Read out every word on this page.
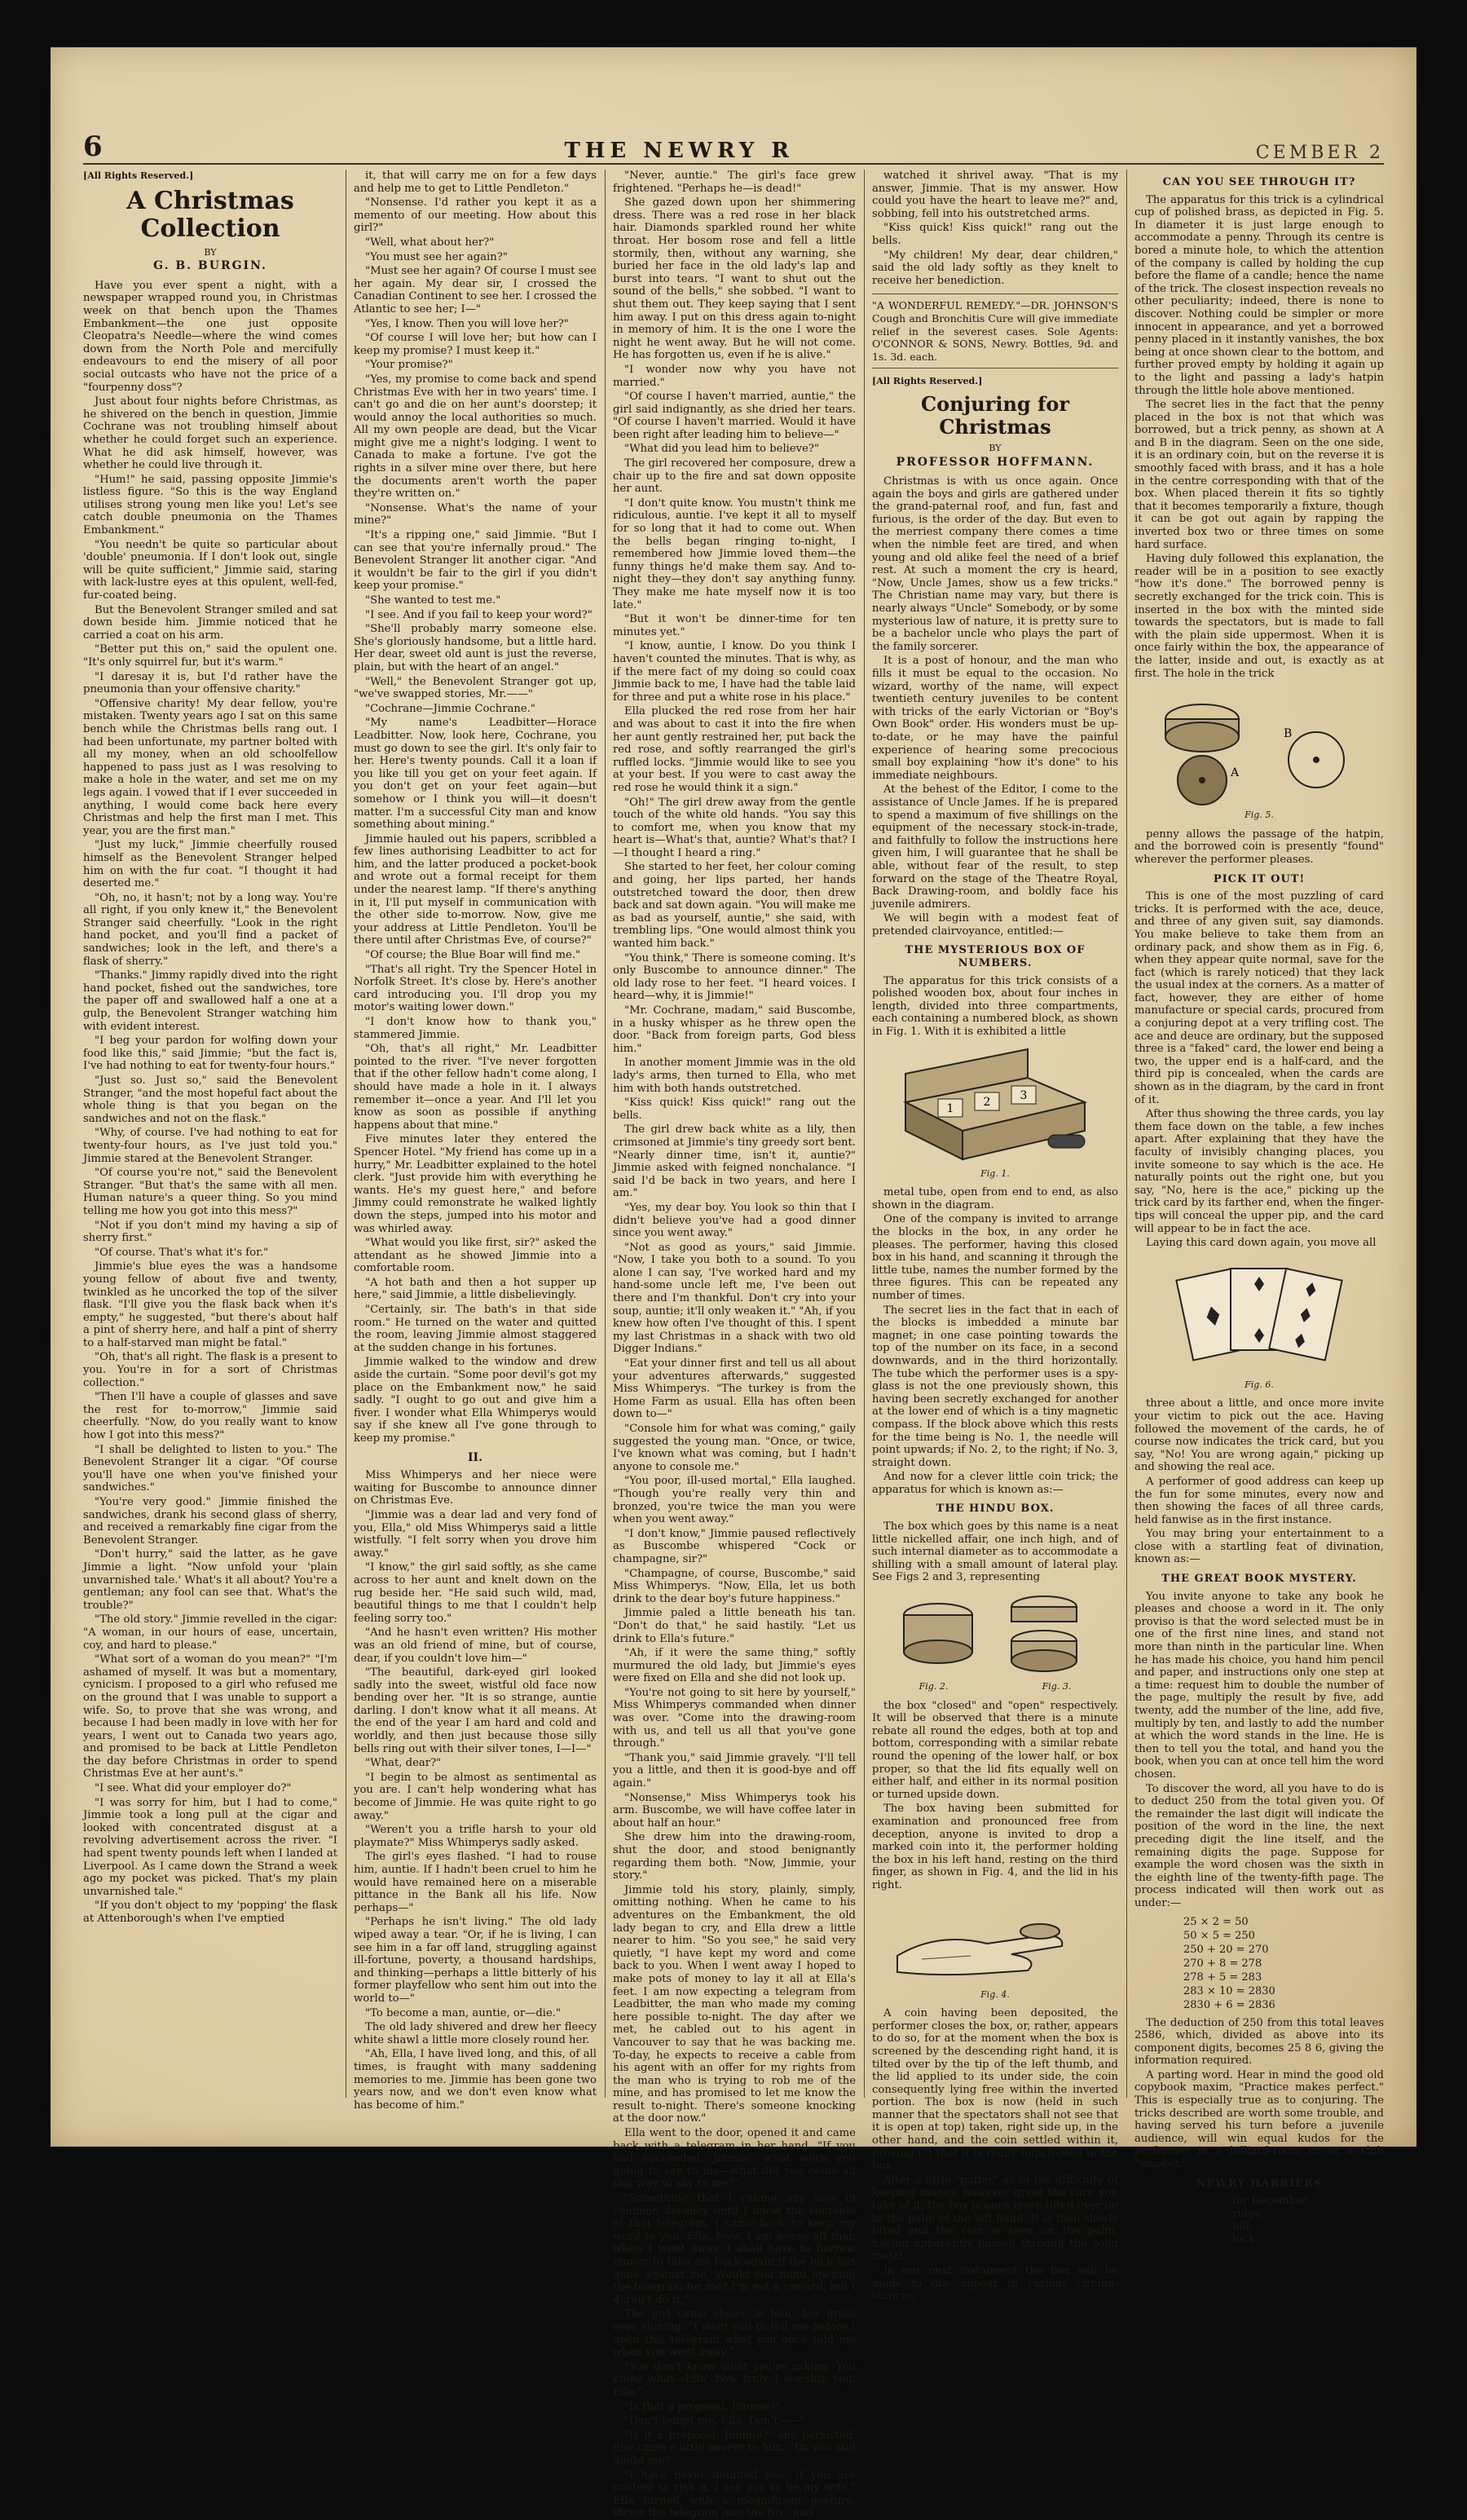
6	THE NEWRY R	CEMBER 2
[All Rights Reserved.]
A Christmas Collection
BY
G. B. BURGIN.

Have you ever spent a night, with a newspaper wrapped round you, in Christmas week on that bench upon the Thames Embankment—the one just opposite Cleopatra's Needle—where the wind comes down from the North Pole and mercifully endeavours to end the misery of all poor social outcasts who have not the price of a "fourpenny doss"?

Just about four nights before Christmas, as he shivered on the bench in question, Jimmie Cochrane was not troubling himself about whether he could forget such an experience. What he did ask himself, however, was whether he could live through it.

"Hum!" he said, passing opposite Jimmie's listless figure. "So this is the way England utilises strong young men like you! Let's see catch double pneumonia on the Thames Embankment."

"You needn't be quite so particular about 'double' pneumonia. If I don't look out, single will be quite sufficient," Jimmie said, staring with lack-lustre eyes at this opulent, well-fed, fur-coated being.

But the Benevolent Stranger smiled and sat down beside him. Jimmie noticed that he carried a coat on his arm.

"Better put this on," said the opulent one. "It's only squirrel fur, but it's warm."

"I daresay it is, but I'd rather have the pneumonia than your offensive charity."

"Offensive charity! My dear fellow, you're mistaken. Twenty years ago I sat on this same bench while the Christmas bells rang out. I had been unfortunate, my partner bolted with all my money, when an old schoolfellow happened to pass just as I was resolving to make a hole in the water, and set me on my legs again. I vowed that if I ever succeeded in anything, I would come back here every Christmas and help the first man I met. This year, you are the first man."

"Just my luck," Jimmie cheerfully roused himself as the Benevolent Stranger helped him on with the fur coat. "I thought it had deserted me."

"Oh, no, it hasn't; not by a long way. You're all right, if you only knew it," the Benevolent Stranger said cheerfully. "Look in the right hand pocket, and you'll find a packet of sandwiches; look in the left, and there's a flask of sherry."

"Thanks." Jimmy rapidly dived into the right hand pocket, fished out the sandwiches, tore the paper off and swallowed half a one at a gulp, the Benevolent Stranger watching him with evident interest.

"I beg your pardon for wolfing down your food like this," said Jimmie; "but the fact is, I've had nothing to eat for twenty-four hours."

"Just so. Just so," said the Benevolent Stranger, "and the most hopeful fact about the whole thing is that you began on the sandwiches and not on the flask."

"Why, of course. I've had nothing to eat for twenty-four hours, as I've just told you." Jimmie stared at the Benevolent Stranger.

"Of course you're not," said the Benevolent Stranger. "But that's the same with all men. Human nature's a queer thing. So you mind telling me how you got into this mess?"

"Not if you don't mind my having a sip of sherry first."

"Of course. That's what it's for."

Jimmie's blue eyes the was a handsome young fellow of about five and twenty, twinkled as he uncorked the top of the silver flask. "I'll give you the flask back when it's empty," he suggested, "but there's about half a pint of sherry here, and half a pint of sherry to a half-starved man might be fatal."

"Oh, that's all right. The flask is a present to you. You're in for a sort of Christmas collection."

"Then I'll have a couple of glasses and save the rest for to-morrow," Jimmie said cheerfully. "Now, do you really want to know how I got into this mess?"

"I shall be delighted to listen to you." The Benevolent Stranger lit a cigar. "Of course you'll have one when you've finished your sandwiches."

"You're very good." Jimmie finished the sandwiches, drank his second glass of sherry, and received a remarkably fine cigar from the Benevolent Stranger.

"Don't hurry," said the latter, as he gave Jimmie a light. "Now unfold your 'plain unvarnished tale.' What's it all about? You're a gentleman; any fool can see that. What's the trouble?"

"The old story." Jimmie revelled in the cigar: "A woman, in our hours of ease, uncertain, coy, and hard to please."

"What sort of a woman do you mean?" "I'm ashamed of myself. It was but a momentary, cynicism. I proposed to a girl who refused me on the ground that I was unable to support a wife. So, to prove that she was wrong, and because I had been madly in love with her for years, I went out to Canada two years ago, and promised to be back at Little Pendleton the day before Christmas in order to spend Christmas Eve at her aunt's."

"I see. What did your employer do?"

"I was sorry for him, but I had to come," Jimmie took a long pull at the cigar and looked with concentrated disgust at a revolving advertisement across the river. "I had spent twenty pounds left when I landed at Liverpool. As I came down the Strand a week ago my pocket was picked. That's my plain unvarnished tale."

"If you don't object to my 'popping' the flask at Attenborough's when I've emptied

it, that will carry me on for a few days and help me to get to Little Pendleton."

"Nonsense. I'd rather you kept it as a memento of our meeting. How about this girl?"

"Well, what about her?"

"You must see her again?"

"Must see her again? Of course I must see her again. My dear sir, I crossed the Canadian Continent to see her. I crossed the Atlantic to see her; I—"

"Yes, I know. Then you will love her?"

"Of course I will love her; but how can I keep my promise? I must keep it."

"Your promise?"

"Yes, my promise to come back and spend Christmas Eve with her in two years' time. I can't go and die on her aunt's doorstep; it would annoy the local authorities so much. All my own people are dead, but the Vicar might give me a night's lodging. I went to Canada to make a fortune. I've got the rights in a silver mine over there, but here the documents aren't worth the paper they're written on."

"Nonsense. What's the name of your mine?"

"It's a ripping one," said Jimmie. "But I can see that you're infernally proud." The Benevolent Stranger lit another cigar. "And it wouldn't be fair to the girl if you didn't keep your promise."

"She wanted to test me."

"I see. And if you fail to keep your word?"

"She'll probably marry someone else. She's gloriously handsome, but a little hard. Her dear, sweet old aunt is just the reverse, plain, but with the heart of an angel."

"Well," the Benevolent Stranger got up, "we've swapped stories, Mr.——"

"Cochrane—Jimmie Cochrane."

"My name's Leadbitter—Horace Leadbitter. Now, look here, Cochrane, you must go down to see the girl. It's only fair to her. Here's twenty pounds. Call it a loan if you like till you get on your feet again. If you don't get on your feet again—but somehow or I think you will—it doesn't matter. I'm a successful City man and know something about mining."

Jimmie hauled out his papers, scribbled a few lines authorising Leadbitter to act for him, and the latter produced a pocket-book and wrote out a formal receipt for them under the nearest lamp. "If there's anything in it, I'll put myself in communication with the other side to-morrow. Now, give me your address at Little Pendleton. You'll be there until after Christmas Eve, of course?"

"Of course; the Blue Boar will find me."

"That's all right. Try the Spencer Hotel in Norfolk Street. It's close by. Here's another card introducing you. I'll drop you my motor's waiting lower down."

"I don't know how to thank you," stammered Jimmie.

"Oh, that's all right," Mr. Leadbitter pointed to the river. "I've never forgotten that if the other fellow hadn't come along, I should have made a hole in it. I always remember it—once a year. And I'll let you know as soon as possible if anything happens about that mine."

Five minutes later they entered the Spencer Hotel. "My friend has come up in a hurry," Mr. Leadbitter explained to the hotel clerk. "Just provide him with everything he wants. He's my guest here," and before Jimmy could remonstrate he walked lightly down the steps, jumped into his motor and was whirled away.

"What would you like first, sir?" asked the attendant as he showed Jimmie into a comfortable room.

"A hot bath and then a hot supper up here," said Jimmie, a little disbelievingly.

"Certainly, sir. The bath's in that side room." He turned on the water and quitted the room, leaving Jimmie almost staggered at the sudden change in his fortunes.

Jimmie walked to the window and drew aside the curtain. "Some poor devil's got my place on the Embankment now," he said sadly. "I ought to go out and give him a fiver. I wonder what Ella Whimperys would say if she knew all I've gone through to keep my promise."

II.

Miss Whimperys and her niece were waiting for Buscombe to announce dinner on Christmas Eve.

"Jimmie was a dear lad and very fond of you, Ella," old Miss Whimperys said a little wistfully. "I felt sorry when you drove him away."

"I know," the girl said softly, as she came across to her aunt and knelt down on the rug beside her. "He said such wild, mad, beautiful things to me that I couldn't help feeling sorry too."

"And he hasn't even written? His mother was an old friend of mine, but of course, dear, if you couldn't love him—"

"The beautiful, dark-eyed girl looked sadly into the sweet, wistful old face now bending over her. "It is so strange, auntie darling. I don't know what it all means. At the end of the year I am hard and cold and worldly, and then just because those silly bells ring out with their silver tones, I—I—"

"What, dear?"

"I begin to be almost as sentimental as you are. I can't help wondering what has become of Jimmie. He was quite right to go away."

"Weren't you a trifle harsh to your old playmate?" Miss Whimperys sadly asked.

The girl's eyes flashed. "I had to rouse him, auntie. If I hadn't been cruel to him he would have remained here on a miserable pittance in the Bank all his life. Now perhaps—"

"Perhaps he isn't living." The old lady wiped away a tear. "Or, if he is living, I can see him in a far off land, struggling against ill-fortune, poverty, a thousand hardships, and thinking—perhaps a little bitterly of his former playfellow who sent him out into the world to—"

"To become a man, auntie, or—die."

The old lady shivered and drew her fleecy white shawl a little more closely round her.

"Ah, Ella, I have lived long, and this, of all times, is fraught with many saddening memories to me. Jimmie has been gone two years now, and we don't even know what has become of him."

"Never, auntie." The girl's face grew frightened. "Perhaps he—is dead!"

She gazed down upon her shimmering dress. There was a red rose in her black hair. Diamonds sparkled round her white throat. Her bosom rose and fell a little stormily, then, without any warning, she buried her face in the old lady's lap and burst into tears. "I want to shut out the sound of the bells," she sobbed. "I want to shut them out. They keep saying that I sent him away. I put on this dress again to-night in memory of him. It is the one I wore the night he went away. But he will not come. He has forgotten us, even if he is alive."

"I wonder now why you have not married."

"Of course I haven't married, auntie," the girl said indignantly, as she dried her tears. "Of course I haven't married. Would it have been right after leading him to believe—"

"What did you lead him to believe?"

The girl recovered her composure, drew a chair up to the fire and sat down opposite her aunt.

"I don't quite know. You mustn't think me ridiculous, auntie. I've kept it all to myself for so long that it had to come out. When the bells began ringing to-night, I remembered how Jimmie loved them—the funny things he'd make them say. And to-night they—they don't say anything funny. They make me hate myself now it is too late."

"But it won't be dinner-time for ten minutes yet."

"I know, auntie, I know. Do you think I haven't counted the minutes. That is why, as if the mere fact of my doing so could coax Jimmie back to me, I have had the table laid for three and put a white rose in his place."

Ella plucked the red rose from her hair and was about to cast it into the fire when her aunt gently restrained her, put back the red rose, and softly rearranged the girl's ruffled locks. "Jimmie would like to see you at your best. If you were to cast away the red rose he would think it a sign."

"Oh!" The girl drew away from the gentle touch of the white old hands. "You say this to comfort me, when you know that my heart is—What's that, auntie? What's that? I—I thought I heard a ring."

She started to her feet, her colour coming and going, her lips parted, her hands outstretched toward the door, then drew back and sat down again. "You will make me as bad as yourself, auntie," she said, with trembling lips. "One would almost think you wanted him back."

"You think," There is someone coming. It's only Buscombe to announce dinner." The old lady rose to her feet. "I heard voices. I heard—why, it is Jimmie!"

"Mr. Cochrane, madam," said Buscombe, in a husky whisper as he threw open the door. "Back from foreign parts, God bless him."

In another moment Jimmie was in the old lady's arms, then turned to Ella, who met him with both hands outstretched.

"Kiss quick! Kiss quick!" rang out the bells.

The girl drew back white as a lily, then crimsoned at Jimmie's tiny greedy sort bent. "Nearly dinner time, isn't it, auntie?" Jimmie asked with feigned nonchalance. "I said I'd be back in two years, and here I am."

"Yes, my dear boy. You look so thin that I didn't believe you've had a good dinner since you went away."

"Not as good as yours," said Jimmie. "Now, I take you both to a sound. To you alone I can say, 'I've worked hard and my hand-some uncle left me, I've been out there and I'm thankful. Don't cry into your soup, auntie; it'll only weaken it." "Ah, if you knew how often I've thought of this. I spent my last Christmas in a shack with two old Digger Indians."

"Eat your dinner first and tell us all about your adventures afterwards," suggested Miss Whimperys. "The turkey is from the Home Farm as usual. Ella has often been down to—"

"Console him for what was coming," gaily suggested the young man. "Once, or twice, I've known what was coming, but I hadn't anyone to console me."

"You poor, ill-used mortal," Ella laughed. "Though you're really very thin and bronzed, you're twice the man you were when you went away."

"I don't know," Jimmie paused reflectively as Buscombe whispered "Cock or champagne, sir?"

"Champagne, of course, Buscombe," said Miss Whimperys. "Now, Ella, let us both drink to the dear boy's future happiness."

Jimmie paled a little beneath his tan. "Don't do that," he said hastily. "Let us drink to Ella's future."

"Ah, if it were the same thing," softly murmured the old lady, but Jimmie's eyes were fixed on Ella and she did not look up.

"You're not going to sit here by yourself," Miss Whimperys commanded when dinner was over. "Come into the drawing-room with us, and tell us all that you've gone through."

"Thank you," said Jimmie gravely. "I'll tell you a little, and then it is good-bye and off again."

"Nonsense," Miss Whimperys took his arm. Buscombe, we will have coffee later in about half an hour."

She drew him into the drawing-room, shut the door, and stood benignantly regarding them both. "Now, Jimmie, your story."

Jimmie told his story, plainly, simply, omitting nothing. When he came to his adventures on the Embankment, the old lady began to cry, and Ella drew a little nearer to him. "So you see," he said very quietly, "I have kept my word and come back to you. When I went away I hoped to make pots of money to lay it all at Ella's feet. I am now expecting a telegram from Leadbitter, the man who made my coming here possible to-night. The day after we met, he cabled out to his agent in Vancouver to say that he was backing me. To-day, he expects to receive a cable from his agent with an offer for my rights from the man who is trying to rob me of the mine, and has promised to let me know the result to-night. There's someone knocking at the door now."

Ella went to the door, opened it and came back with a telegram in her hand. "If you had succeeded, Jimmie, what were you going to say to me—what did you come all this way to say to me?"

"Something that I cannot say now in common decency until I know the contents of that telegram. I came back to keep my word to you, Ella. Now, I am worse off than when I went away. I shall have to borrow money to take me back again if the luck has gone against me. Would you mind opening the telegram for me? I'm not a coward, but I daren't do it."

The girl came closer to him, her great eyes shining. "I want you to tell me before I open this telegram what you once told me when you went away."

"You don't know what you're asking. You know what—Ella, how truly I worship you, Ella."

"Is that a proposal, Jimmie?"

"Don't tempt me, Ella. Don't——"

"Is it a proposal, Jimmie?" she persisted. She came a little nearer to him. "Do you still doubt me?"

"I have never doubted you. If you are content to risk it, I ask you to be my wife." Ella turned with a magnificent gesture, threw the telegram into the fire, and

watched it shrivel away. "That is my answer, Jimmie. That is my answer. How could you have the heart to leave me?" and, sobbing, fell into his outstretched arms.

"Kiss quick! Kiss quick!" rang out the bells.

"My children! My dear, dear children," said the old lady softly as they knelt to receive her benediction.

"A WONDERFUL REMEDY."—DR. JOHNSON'S Cough and Bronchitis Cure will give immediate relief in the severest cases. Sole Agents: O'CONNOR & SONS, Newry. Bottles, 9d. and 1s. 3d. each.
[All Rights Reserved.]
Conjuring for Christmas
BY
PROFESSOR HOFFMANN.

Christmas is with us once again. Once again the boys and girls are gathered under the grand-paternal roof, and fun, fast and furious, is the order of the day. But even to the merriest company there comes a time when the nimble feet are tired, and when young and old alike feel the need of a brief rest. At such a moment the cry is heard, "Now, Uncle James, show us a few tricks." The Christian name may vary, but there is nearly always "Uncle" Somebody, or by some mysterious law of nature, it is pretty sure to be a bachelor uncle who plays the part of the family sorcerer.

It is a post of honour, and the man who fills it must be equal to the occasion. No wizard, worthy of the name, will expect twentieth century juveniles to be content with tricks of the early Victorian or "Boy's Own Book" order. His wonders must be up-to-date, or he may have the painful experience of hearing some precocious small boy explaining "how it's done" to his immediate neighbours.

At the behest of the Editor, I come to the assistance of Uncle James. If he is prepared to spend a maximum of five shillings on the equipment of the necessary stock-in-trade, and faithfully to follow the instructions here given him, I will guarantee that he shall be able, without fear of the result, to step forward on the stage of the Theatre Royal, Back Drawing-room, and boldly face his juvenile admirers.

We will begin with a modest feat of pretended clairvoyance, entitled:—

THE MYSTERIOUS BOX OF NUMBERS.

The apparatus for this trick consists of a polished wooden box, about four inches in length, divided into three compartments, each containing a numbered block, as shown in Fig. 1. With it is exhibited a little

1	2	3
Fig. 1.

metal tube, open from end to end, as also shown in the diagram.

One of the company is invited to arrange the blocks in the box, in any order he pleases. The performer, having this closed box in his hand, and scanning it through the little tube, names the number formed by the three figures. This can be repeated any number of times.

The secret lies in the fact that in each of the blocks is imbedded a minute bar magnet; in one case pointing towards the top of the number on its face, in a second downwards, and in the third horizontally. The tube which the performer uses is a spy-glass is not the one previously shown, this having been secretly exchanged for another at the lower end of which is a tiny magnetic compass. If the block above which this rests for the time being is No. 1, the needle will point upwards; if No. 2, to the right; if No. 3, straight down.

And now for a clever little coin trick; the apparatus for which is known as:—

THE HINDU BOX.

The box which goes by this name is a neat little nickelled affair, one inch high, and of such internal diameter as to accommodate a shilling with a small amount of lateral play. See Figs 2 and 3, representing

Fig. 2.	Fig. 3.

the box "closed" and "open" respectively. It will be observed that there is a minute rebate all round the edges, both at top and bottom, corresponding with a similar rebate round the opening of the lower half, or box proper, so that the lid fits equally well on either half, and either in its normal position or turned upside down.

The box having been submitted for examination and pronounced free from deception, anyone is invited to drop a marked coin into it, the performer holding the box in his left hand, resting on the third finger, as shown in Fig. 4, and the lid in his right.

Fig. 4.

A coin having been deposited, the performer closes the box, or, rather, appears to do so, for at the moment when the box is screened by the descending right hand, it is tilted over by the tip of the left thumb, and the lid applied to its under side, the coin consequently lying free within the inverted portion. The box is now (held in such manner that the spectators shall not see that it is open at top) taken, right side up, in the other hand, and the coin settled within it, proving (?) that it is really imprisoned in the box.

After a little "patter" as to the difficulty of keeping money, however great the care you take of it, the box is once more tilted over on to the palm of the left hand. It is then slowly lifted and the coin is seen on the palm, having apparently passed through the solid metal.

In our next instalment the box will be made to dis- appear in various circum- stances.

CAN YOU SEE THROUGH IT?

The apparatus for this trick is a cylindrical cup of polished brass, as depicted in Fig. 5. In diameter it is just large enough to accommodate a penny. Through its centre is bored a minute hole, to which the attention of the company is called by holding the cup before the flame of a candle; hence the name of the trick. The closest inspection reveals no other peculiarity; indeed, there is none to discover. Nothing could be simpler or more innocent in appearance, and yet a borrowed penny placed in it instantly vanishes, the box being at once shown clear to the bottom, and further proved empty by holding it again up to the light and passing a lady's hatpin through the little hole above mentioned.

The secret lies in the fact that the penny placed in the box is not that which was borrowed, but a trick penny, as shown at A and B in the diagram. Seen on the one side, it is an ordinary coin, but on the reverse it is smoothly faced with brass, and it has a hole in the centre corresponding with that of the box. When placed therein it fits so tightly that it becomes temporarily a fixture, though it can be got out again by rapping the inverted box two or three times on some hard surface.

Having duly followed this explanation, the reader will be in a position to see exactly "how it's done." The borrowed penny is secretly exchanged for the trick coin. This is inserted in the box with the minted side towards the spectators, but is made to fall with the plain side uppermost. When it is once fairly within the box, the appearance of the latter, inside and out, is exactly as at first. The hole in the trick

A
B
Fig. 5.

penny allows the passage of the hatpin, and the borrowed coin is presently "found" wherever the performer pleases.

PICK IT OUT!

This is one of the most puzzling of card tricks. It is performed with the ace, deuce, and three of any given suit, say diamonds. You make believe to take them from an ordinary pack, and show them as in Fig. 6, when they appear quite normal, save for the fact (which is rarely noticed) that they lack the usual index at the corners. As a matter of fact, however, they are either of home manufacture or special cards, procured from a conjuring depot at a very trifling cost. The ace and deuce are ordinary, but the supposed three is a "faked" card, the lower end being a two, the upper end is a half-card, and the third pip is concealed, when the cards are shown as in the diagram, by the card in front of it.

After thus showing the three cards, you lay them face down on the table, a few inches apart. After explaining that they have the faculty of invisibly changing places, you invite someone to say which is the ace. He naturally points out the right one, but you say, "No, here is the ace," picking up the trick card by its farther end, when the finger-tips will conceal the upper pip, and the card will appear to be in fact the ace.

Laying this card down again, you move all

Fig. 6.

three about a little, and once more invite your victim to pick out the ace. Having followed the movement of the cards, he of course now indicates the trick card, but you say, "No! You are wrong again," picking up and showing the real ace.

A performer of good address can keep up the fun for some minutes, every now and then showing the faces of all three cards, held fanwise as in the first instance.

You may bring your entertainment to a close with a startling feat of divination, known as:—

THE GREAT BOOK MYSTERY.

You invite anyone to take any book he pleases and choose a word in it. The only proviso is that the word selected must be in one of the first nine lines, and stand not more than ninth in the particular line. When he has made his choice, you hand him pencil and paper, and instructions only one step at a time: request him to double the number of the page, multiply the result by five, add twenty, add the number of the line, add five, multiply by ten, and lastly to add the number at which the word stands in the line. He is then to tell you the total, and hand you the book, when you can at once tell him the word chosen.

To discover the word, all you have to do is to deduct 250 from the total given you. Of the remainder the last digit will indicate the position of the word in the line, the next preceding digit the line itself, and the remaining digits the page. Suppose for example the word chosen was the sixth in the eighth line of the twenty-fifth page. The process indicated will then work out as under:—

25 × 2 = 50
50 × 5 = 250
250 + 20 = 270
270 + 8 = 278
278 + 5 = 283
283 × 10 = 2830
2830 + 6 = 2836

The deduction of 250 from this total leaves 2586, which, divided as above into its component digits, becomes 25 8 6, giving the information required.

A parting word. Hear in mind the good old copybook maxim, "Practice makes perfect." This is especially true as to conjuring. The tricks described are worth some trouble, and having served his turn before a juvenile audience, will win equal kudos for the performer in a billiard-room or at a club "smoker."

NEWRY HARRIERS
for December
ridge,
hill,
lock.
